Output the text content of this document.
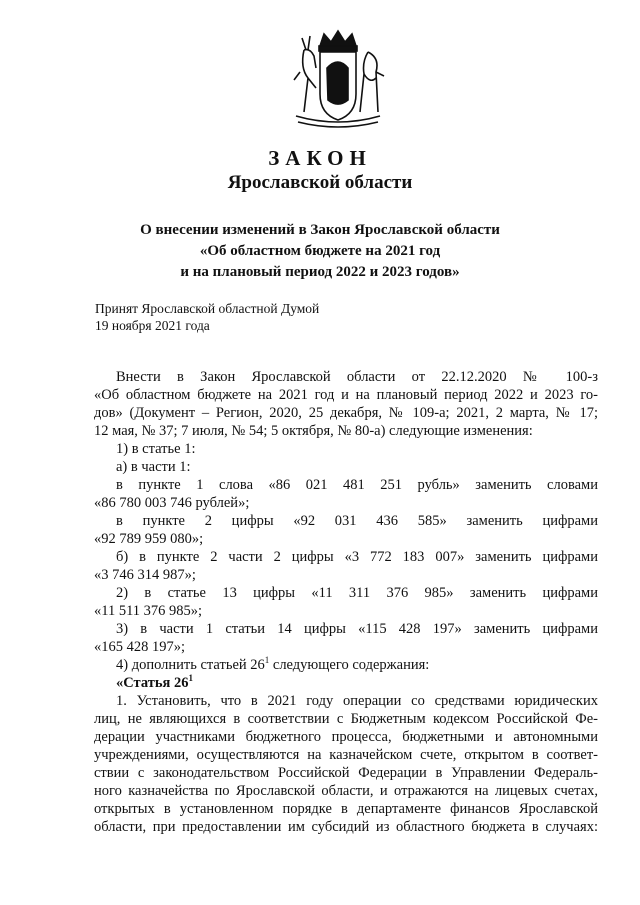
ЗАКОН
Ярославской области
О внесении изменений в Закон Ярославской области
«Об областном бюджете на 2021 год
и на плановый период 2022 и 2023 годов»
Принят Ярославской областной Думой
19 ноября 2021 года
Внести в Закон Ярославской области от 22.12.2020 № 100-з
«Об областном бюджете на 2021 год и на плановый период 2022 и 2023 го-
дов» (Документ – Регион, 2020, 25 декабря, № 109-а; 2021, 2 марта, № 17;
12 мая, № 37; 7 июля, № 54; 5 октября, № 80-а) следующие изменения:
1) в статье 1:
а) в части 1:
в пункте 1 слова «86 021 481 251 рубль» заменить словами
«86 780 003 746 рублей»;
в пункте 2 цифры «92 031 436 585» заменить цифрами
«92 789 959 080»;
б) в пункте 2 части 2 цифры «3 772 183 007» заменить цифрами
«3 746 314 987»;
2) в статье 13 цифры «11 311 376 985» заменить цифрами
«11 511 376 985»;
3) в части 1 статьи 14 цифры «115 428 197» заменить цифрами
«165 428 197»;
4) дополнить статьей $26^1$ следующего содержания:
«Статья $26^1$
1. Установить, что в 2021 году операции со средствами юридических
лиц, не являющихся в соответствии с Бюджетным кодексом Российской Фе-
дерации участниками бюджетного процесса, бюджетными и автономными
учреждениями, осуществляются на казначейском счете, открытом в соответ-
ствии с законодательством Российской Федерации в Управлении Федераль-
ного казначейства по Ярославской области, и отражаются на лицевых счетах,
открытых в установленном порядке в департаменте финансов Ярославской
области, при предоставлении им субсидий из областного бюджета в случаях:
